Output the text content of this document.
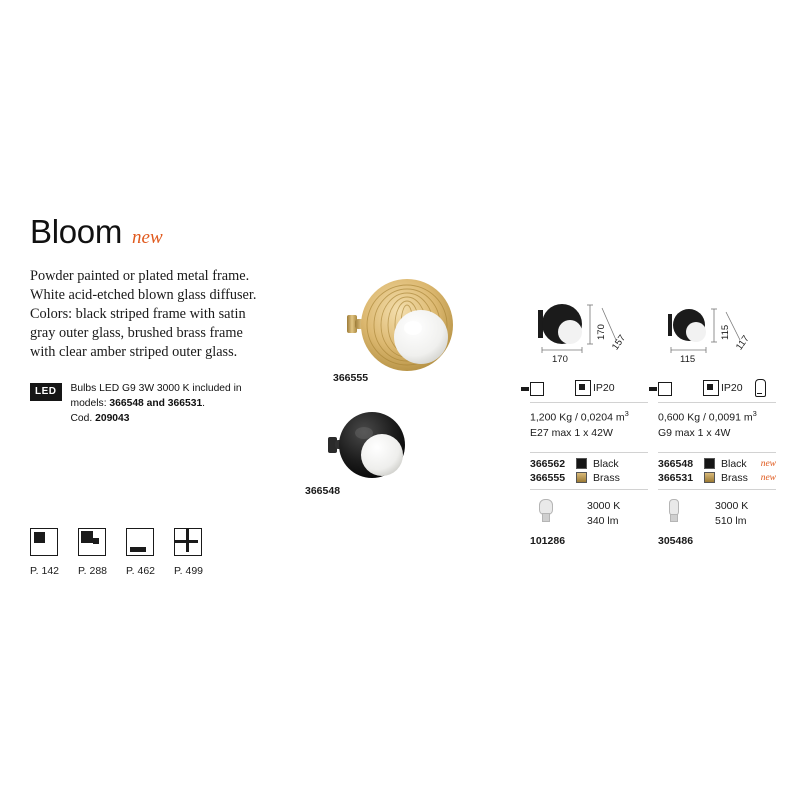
Bloom new
Powder painted or plated metal frame. White acid-etched blown glass diffuser. Colors: black striped frame with satin gray outer glass, brushed brass frame with clear amber striped outer glass.
LED	Bulbs LED G9 3W 3000 K included in
models: 366548 and 366531.
Cod. 209043
P. 142	P. 288	P. 462	P. 499
366555
366548
170
170
157
IP20
1,200 Kg / 0,0204 $m^3$
E27 max 1 x 42W
366562	Black
366555	Brass
3000 K
340 lm
101286
115
115
117
IP20
0,600 Kg / 0,0091 $m^3$
G9 max 1 x 4W
366548	Black	new
366531	Brass	new
3000 K
510 lm
305486
